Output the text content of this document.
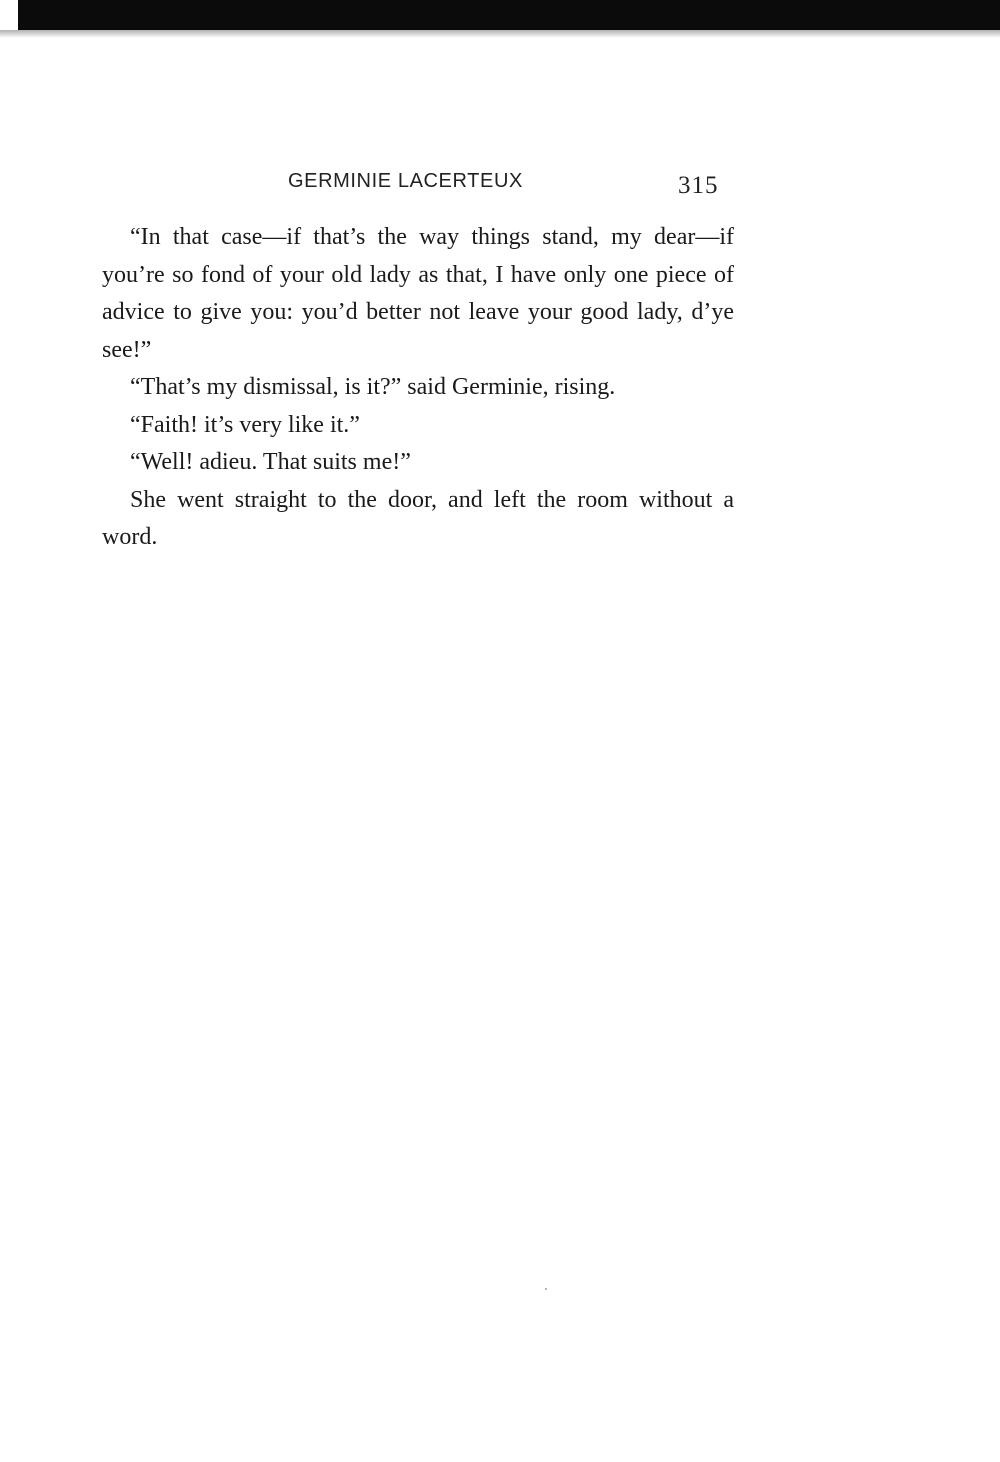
GERMINIE LACERTEUX	315

“In that case—if that’s the way things stand, my dear—if you’re so fond of your old lady as that, I have only one piece of advice to give you: you’d better not leave your good lady, d’ye see!”

“That’s my dismissal, is it?” said Germinie, rising.

“Faith! it’s very like it.”

“Well! adieu. That suits me!”

She went straight to the door, and left the room without a word.
